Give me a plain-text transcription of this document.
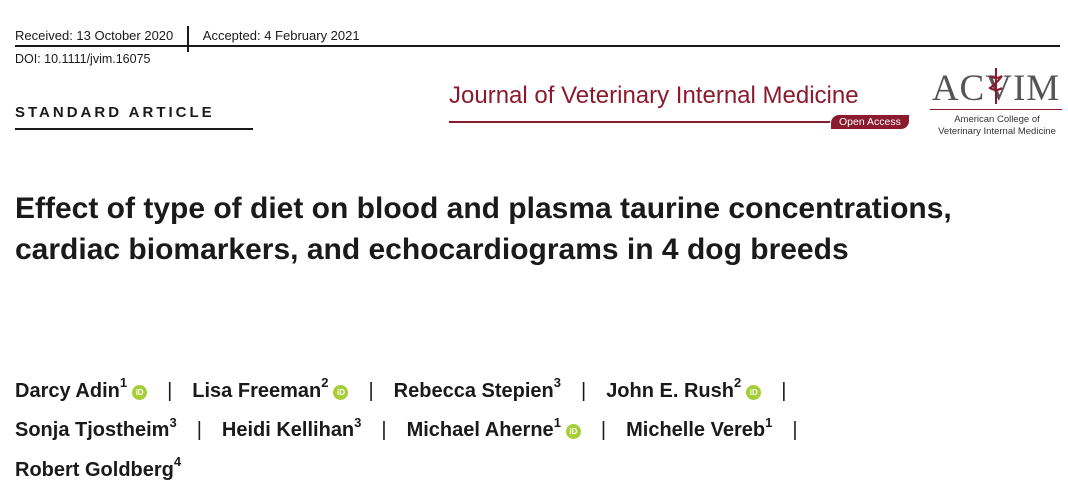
Received: 13 October 2020 Accepted: 4 February 2021
DOI: 10.1111/jvim.16075
STANDARD ARTICLE
Journal of Veterinary Internal Medicine
Open Access
ACVIM
American College of
Veterinary Internal Medicine
Effect of type of diet on blood and plasma taurine concentrations, cardiac biomarkers, and echocardiograms in 4 dog breeds
Darcy Adin$^1$iD | Lisa Freeman$^2$iD | Rebecca Stepien$^3$ | John E. Rush$^2$iD |
Sonja Tjostheim$^3$ | Heidi Kellihan$^3$ | Michael Aherne$^1$iD | Michelle Vereb$^1$ |
Robert Goldberg$^4$
